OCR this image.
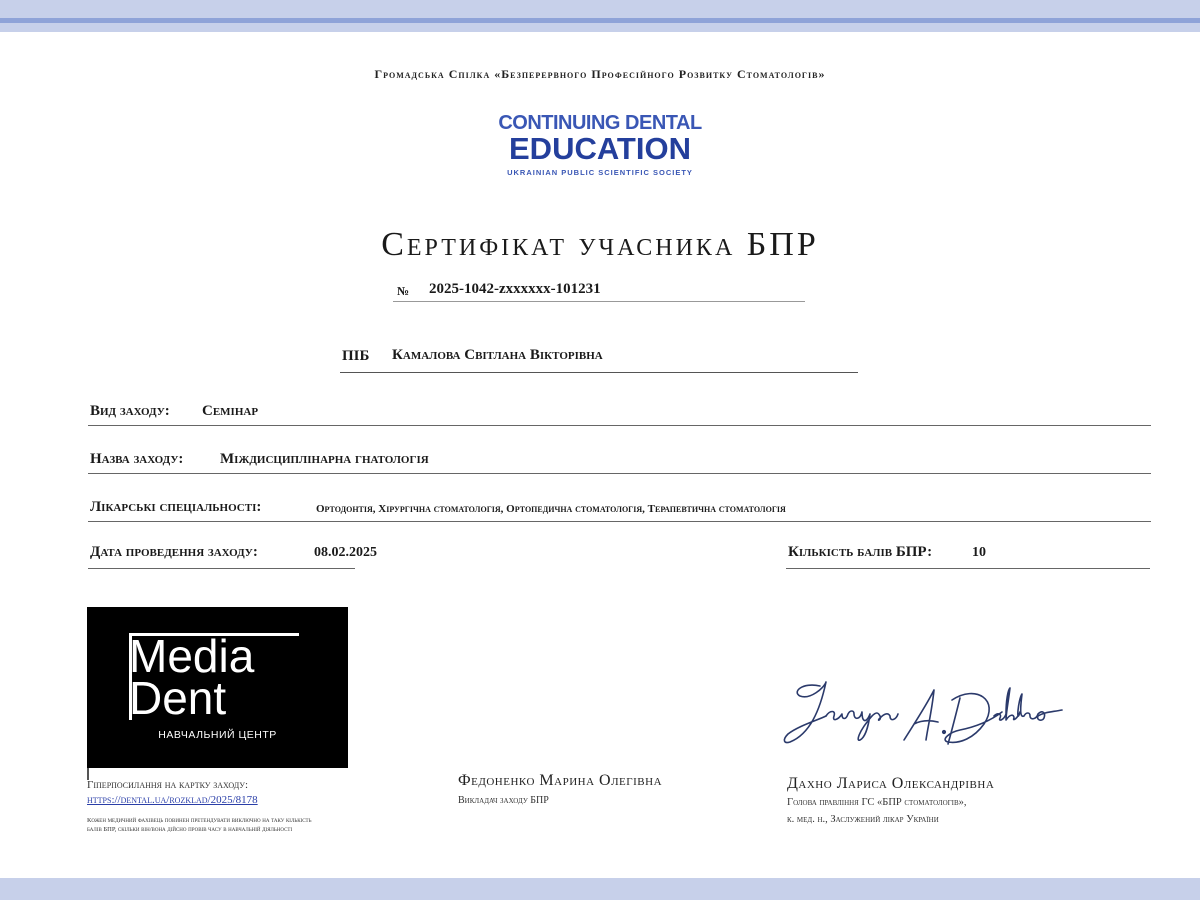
Громадська Спілка «Безперервного Професійного Розвитку Стоматологів»
CONTINUING DENTAL
EDUCATION
UKRAINIAN PUBLIC SCIENTIFIC SOCIETY
Сертифікат учасника БПР
№ 2025-1042-zxxxxxx-101231
ПІБ Камалова Світлана Вікторівна
Вид заходу: Семінар
Назва заходу: Міждисциплінарна гнатологія
Лікарські спеціальності:	Ортодонтія, Хірургічна стоматологія, Ортопедична стоматологія, Терапевтична стоматологія
Дата проведення заходу:	08.02.2025	Кількість балів БПР:	10
Media
Dent
НАВЧАЛЬНИЙ ЦЕНТР
Гіперпосилання на картку заходу:
https://dental.ua/rozklad/2025/8178
Кожен медичний фахівець повинен претендувати виключно на таку кількість балів БПР, скільки він/вона дійсно провів часу в навчальній діяльності
Федоненко Марина Олегівна
Викладач заходу БПР
Дахно Лариса Олександрівна
Голова правління ГС «БПР стоматологів»,
к. мед. н., Заслужений лікар України
